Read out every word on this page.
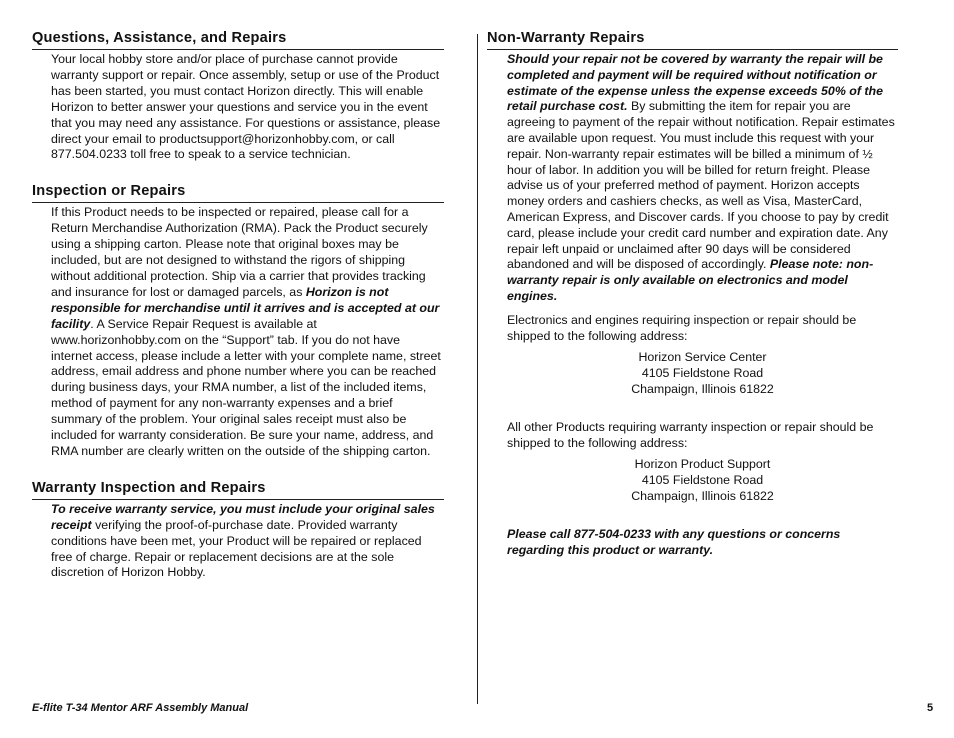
Questions, Assistance, and Repairs

Your local hobby store and/or place of purchase cannot provide warranty support or repair. Once assembly, setup or use of the Product has been started, you must contact Horizon directly. This will enable Horizon to better answer your questions and service you in the event that you may need any assistance. For questions or assistance, please direct your email to productsupport@horizonhobby.com, or call 877.504.0233 toll free to speak to a service technician.

Inspection or Repairs

If this Product needs to be inspected or repaired, please call for a Return Merchandise Authorization (RMA). Pack the Product securely using a shipping carton. Please note that original boxes may be included, but are not designed to withstand the rigors of shipping without additional protection. Ship via a carrier that provides tracking and insurance for lost or damaged parcels, as Horizon is not responsible for merchandise until it arrives and is accepted at our facility. A Service Repair Request is available at www.horizonhobby.com on the “Support” tab. If you do not have internet access, please include a letter with your complete name, street address, email address and phone number where you can be reached during business days, your RMA number, a list of the included items, method of payment for any non-warranty expenses and a brief summary of the problem. Your original sales receipt must also be included for warranty consideration. Be sure your name, address, and RMA number are clearly written on the outside of the shipping carton.

Warranty Inspection and Repairs

To receive warranty service, you must include your original sales receipt verifying the proof-of-purchase date. Provided warranty conditions have been met, your Product will be repaired or replaced free of charge. Repair or replacement decisions are at the sole discretion of Horizon Hobby.

Non-Warranty Repairs

Should your repair not be covered by warranty the repair will be completed and payment will be required without notification or estimate of the expense unless the expense exceeds 50% of the retail purchase cost. By submitting the item for repair you are agreeing to payment of the repair without notification. Repair estimates are available upon request. You must include this request with your repair. Non-warranty repair estimates will be billed a minimum of ½ hour of labor. In addition you will be billed for return freight. Please advise us of your preferred method of payment. Horizon accepts money orders and cashiers checks, as well as Visa, MasterCard, American Express, and Discover cards. If you choose to pay by credit card, please include your credit card number and expiration date. Any repair left unpaid or unclaimed after 90 days will be considered abandoned and will be disposed of accordingly. Please note: non-warranty repair is only available on electronics and model engines.

Electronics and engines requiring inspection or repair should be shipped to the following address:

Horizon Service Center
4105 Fieldstone Road
Champaign, Illinois 61822

All other Products requiring warranty inspection or repair should be shipped to the following address:

Horizon Product Support
4105 Fieldstone Road
Champaign, Illinois 61822

Please call 877-504-0233 with any questions or concerns regarding this product or warranty.

E-flite T-34 Mentor ARF Assembly Manual	5
